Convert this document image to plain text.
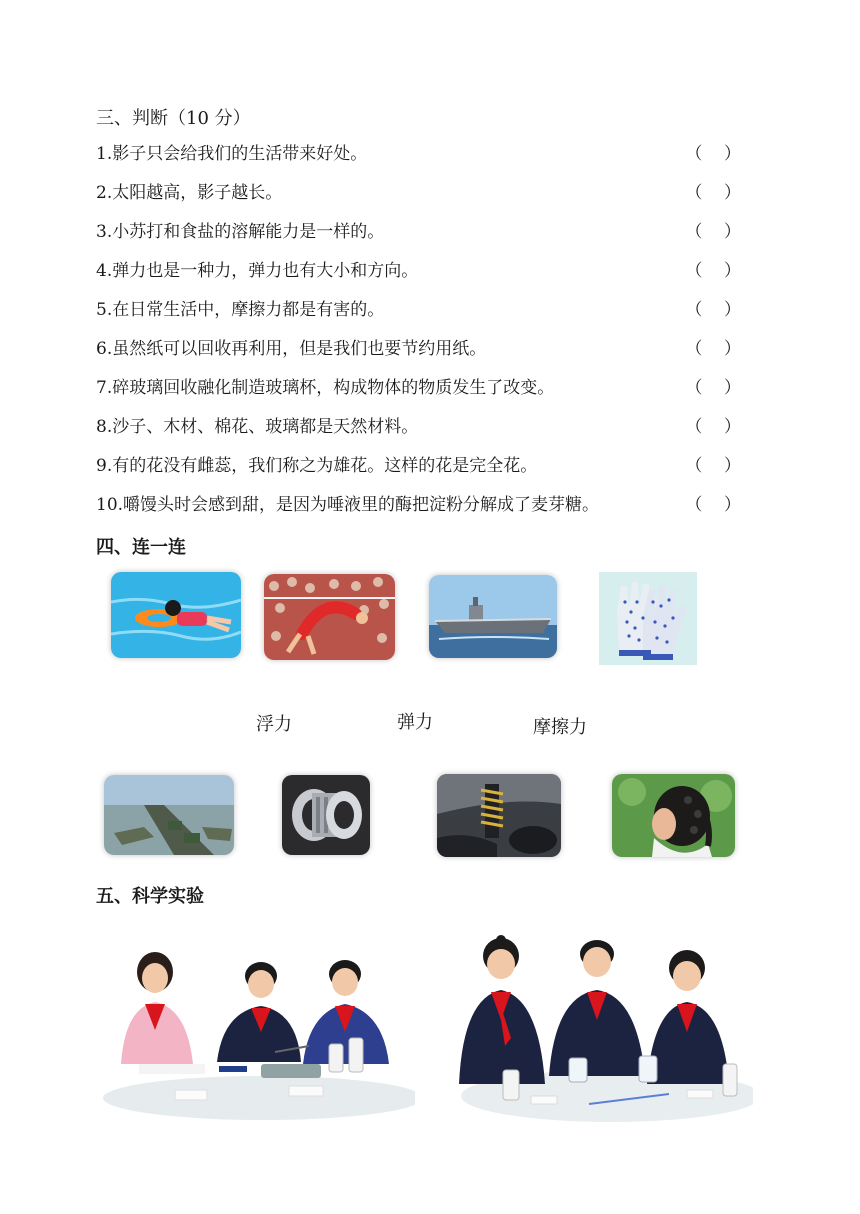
三、判断（10 分）
1.影子只会给我们的生活带来好处。	（    ）
2.太阳越高，影子越长。	（    ）
3.小苏打和食盐的溶解能力是一样的。	（    ）
4.弹力也是一种力，弹力也有大小和方向。	（    ）
5.在日常生活中，摩擦力都是有害的。	（    ）
6.虽然纸可以回收再利用，但是我们也要节约用纸。	（    ）
7.碎玻璃回收融化制造玻璃杯，构成物体的物质发生了改变。	（    ）
8.沙子、木材、棉花、玻璃都是天然材料。	（    ）
9.有的花没有雌蕊，我们称之为雄花。这样的花是完全花。	（    ）
10.嚼馒头时会感到甜，是因为唾液里的酶把淀粉分解成了麦芽糖。	（    ）
四、连一连
浮力	弹力	摩擦力
五、科学实验
